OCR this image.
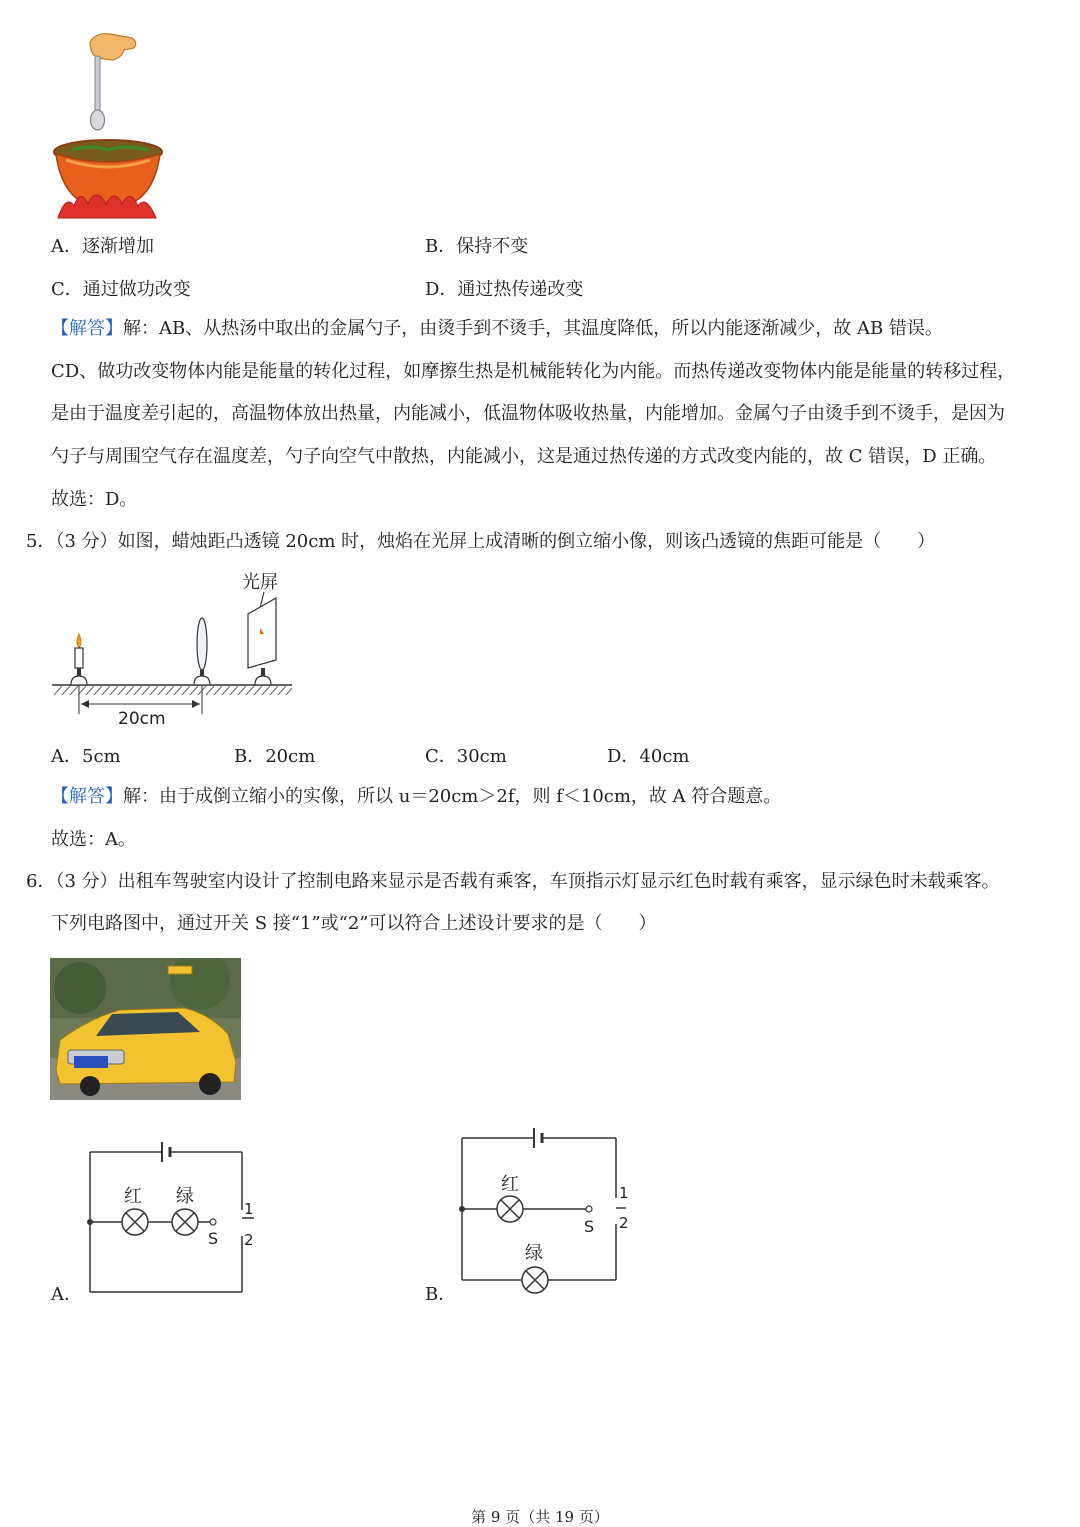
A．逐渐增加	B．保持不变
C．通过做功改变	D．通过热传递改变
【解答】解：AB、从热汤中取出的金属勺子，由烫手到不烫手，其温度降低，所以内能逐渐减少，故 AB 错误。
CD、做功改变物体内能是能量的转化过程，如摩擦生热是机械能转化为内能。而热传递改变物体内能是能量的转移过程，
是由于温度差引起的，高温物体放出热量，内能减小，低温物体吸收热量，内能增加。金属勺子由烫手到不烫手，是因为
勺子与周围空气存在温度差，勺子向空气中散热，内能减小，这是通过热传递的方式改变内能的，故 C 错误，D 正确。
故选：D。
5．（3 分）如图，蜡烛距凸透镜 20cm 时，烛焰在光屏上成清晰的倒立缩小像，则该凸透镜的焦距可能是（　　）
光屏
20cm
A．5cm	B．20cm	C．30cm	D．40cm
【解答】解：由于成倒立缩小的实像，所以 u＝20cm＞2f，则 f＜10cm，故 A 符合题意。
故选：A。
6．（3 分）出租车驾驶室内设计了控制电路来显示是否载有乘客，车顶指示灯显示红色时载有乘客，显示绿色时未载乘客。
下列电路图中，通过开关 S 接“1”或“2”可以符合上述设计要求的是（　　）
A．
红 绿
S
1
2
B．
红
绿
S
1
2
第 9 页（共 19 页）
